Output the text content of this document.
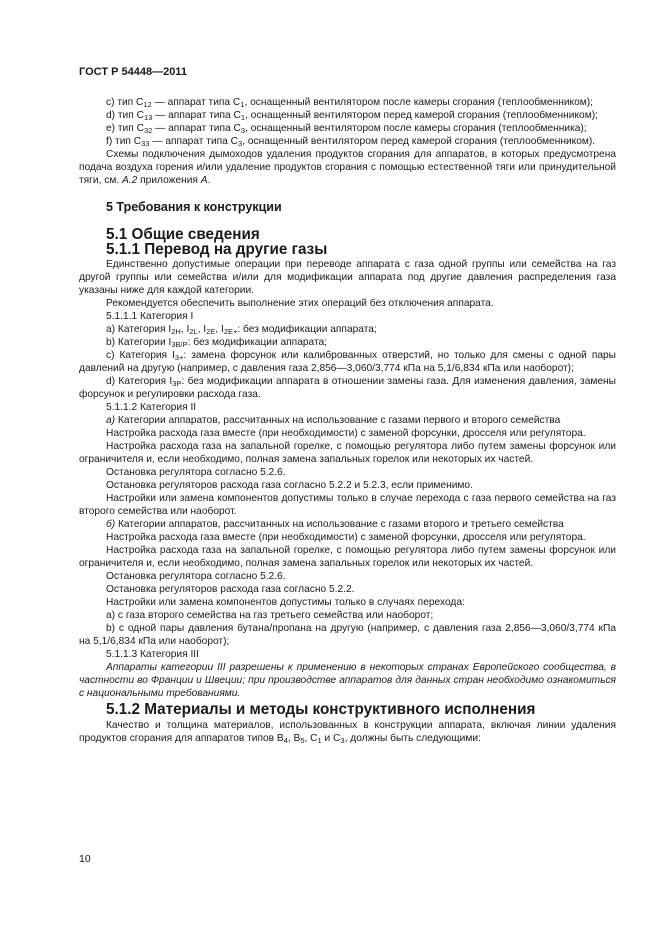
ГОСТ Р 54448—2011

c) тип $C_{12}$ — аппарат типа $C_1$, оснащенный вентилятором после камеры сгорания (теплообменником);

d) тип $C_{13}$ — аппарат типа $C_1$, оснащенный вентилятором перед камерой сгорания (теплообменником);

e) тип $C_{32}$ — аппарат типа $C_3$, оснащенный вентилятором после камеры сгорания (теплообменника);

f) тип $C_{33}$ — аппарат типа $C_3$, оснащенный вентилятором перед камерой сгорания (теплообменником).

Схемы подключения дымоходов удаления продуктов сгорания для аппаратов, в которых предусмотрена подача воздуха горения и/или удаление продуктов сгорания с помощью естественной тяги или принудительной тяги, см. A.2 приложения A.

5 Требования к конструкции
5.1 Общие сведения
5.1.1 Перевод на другие газы

Единственно допустимые операции при переводе аппарата с газа одной группы или семейства на газ другой группы или семейства и/или для модификации аппарата под другие давления распределения газа указаны ниже для каждой категории.

Рекомендуется обеспечить выполнение этих операций без отключения аппарата.

5.1.1.1 Категория I

a) Категория $I_{2H}$, $I_{2L}$, $I_{2E}$, $I_{2E+}$: без модификации аппарата;

b) Категории $I_{3B/P}$: без модификации аппарата;

c) Категория $I_{3+}$: замена форсунок или калиброванных отверстий, но только для смены с одной пары давлений на другую (например, с давления газа 2,856—3,060/3,774 кПа на 5,1/6,834 кПа или наоборот);

d) Категория $I_{3P}$: без модификации аппарата в отношении замены газа. Для изменения давления, замены форсунок и регулировки расхода газа.

5.1.1.2 Категория II

a) Категории аппаратов, рассчитанных на использование с газами первого и второго семейства

Настройка расхода газа вместе (при необходимости) с заменой форсунки, дросселя или регулятора.

Настройка расхода газа на запальной горелке, с помощью регулятора либо путем замены форсунок или ограничителя и, если необходимо, полная замена запальных горелок или некоторых их частей.

Остановка регулятора согласно 5.2.6.

Остановка регуляторов расхода газа согласно 5.2.2 и 5.2.3, если применимо.

Настройки или замена компонентов допустимы только в случае перехода с газа первого семейства на газ второго семейства или наоборот.

б) Категории аппаратов, рассчитанных на использование с газами второго и третьего семейства

Настройка расхода газа вместе (при необходимости) с заменой форсунки, дросселя или регулятора.

Настройка расхода газа на запальной горелке, с помощью регулятора либо путем замены форсунок или ограничителя и, если необходимо, полная замена запальных горелок или некоторых их частей.

Остановка регулятора согласно 5.2.6.

Остановка регуляторов расхода газа согласно 5.2.2.

Настройки или замена компонентов допустимы только в случаях перехода:

a) с газа второго семейства на газ третьего семейства или наоборот;

b) с одной пары давления бутана/пропана на другую (например, с давления газа 2,856—3,060/3,774 кПа на 5,1/6,834 кПа или наоборот);

5.1.1.3 Категория III

Аппараты категории III разрешены к применению в некоторых странах Европейского сообщества, в частности во Франции и Швеции; при производстве аппаратов для данных стран необходимо ознакомиться с национальными требованиями.

5.1.2 Материалы и методы конструктивного исполнения

Качество и толщина материалов, использованных в конструкции аппарата, включая линии удаления продуктов сгорания для аппаратов типов $B_4$, $B_5$, $C_1$ и $C_3$, должны быть следующими:

10
